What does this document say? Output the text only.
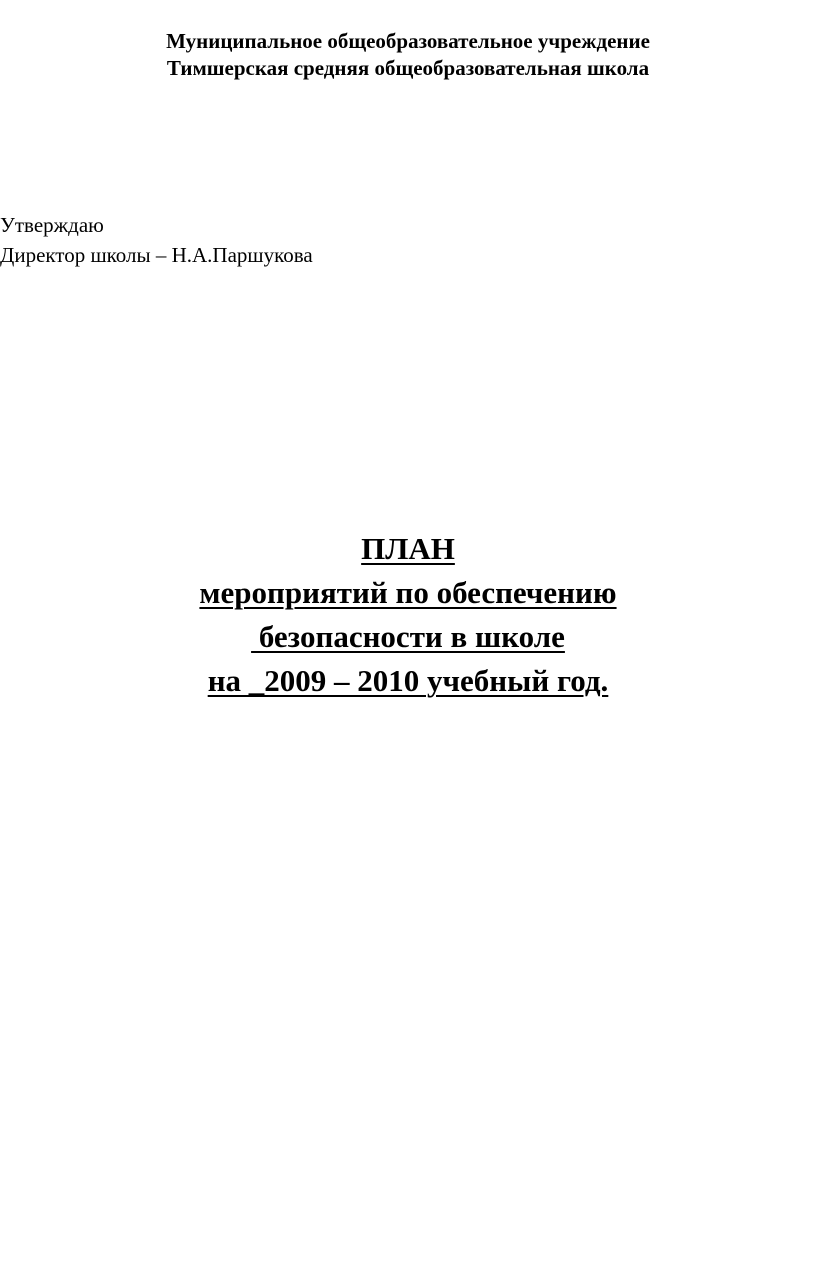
Муниципальное общеобразовательное учреждение
Тимшерская средняя общеобразовательная школа
Утверждаю
Директор школы – Н.А.Паршукова
ПЛАН
мероприятий по обеспечению
безопасности в школе
на _2009 – 2010 учебный год.
